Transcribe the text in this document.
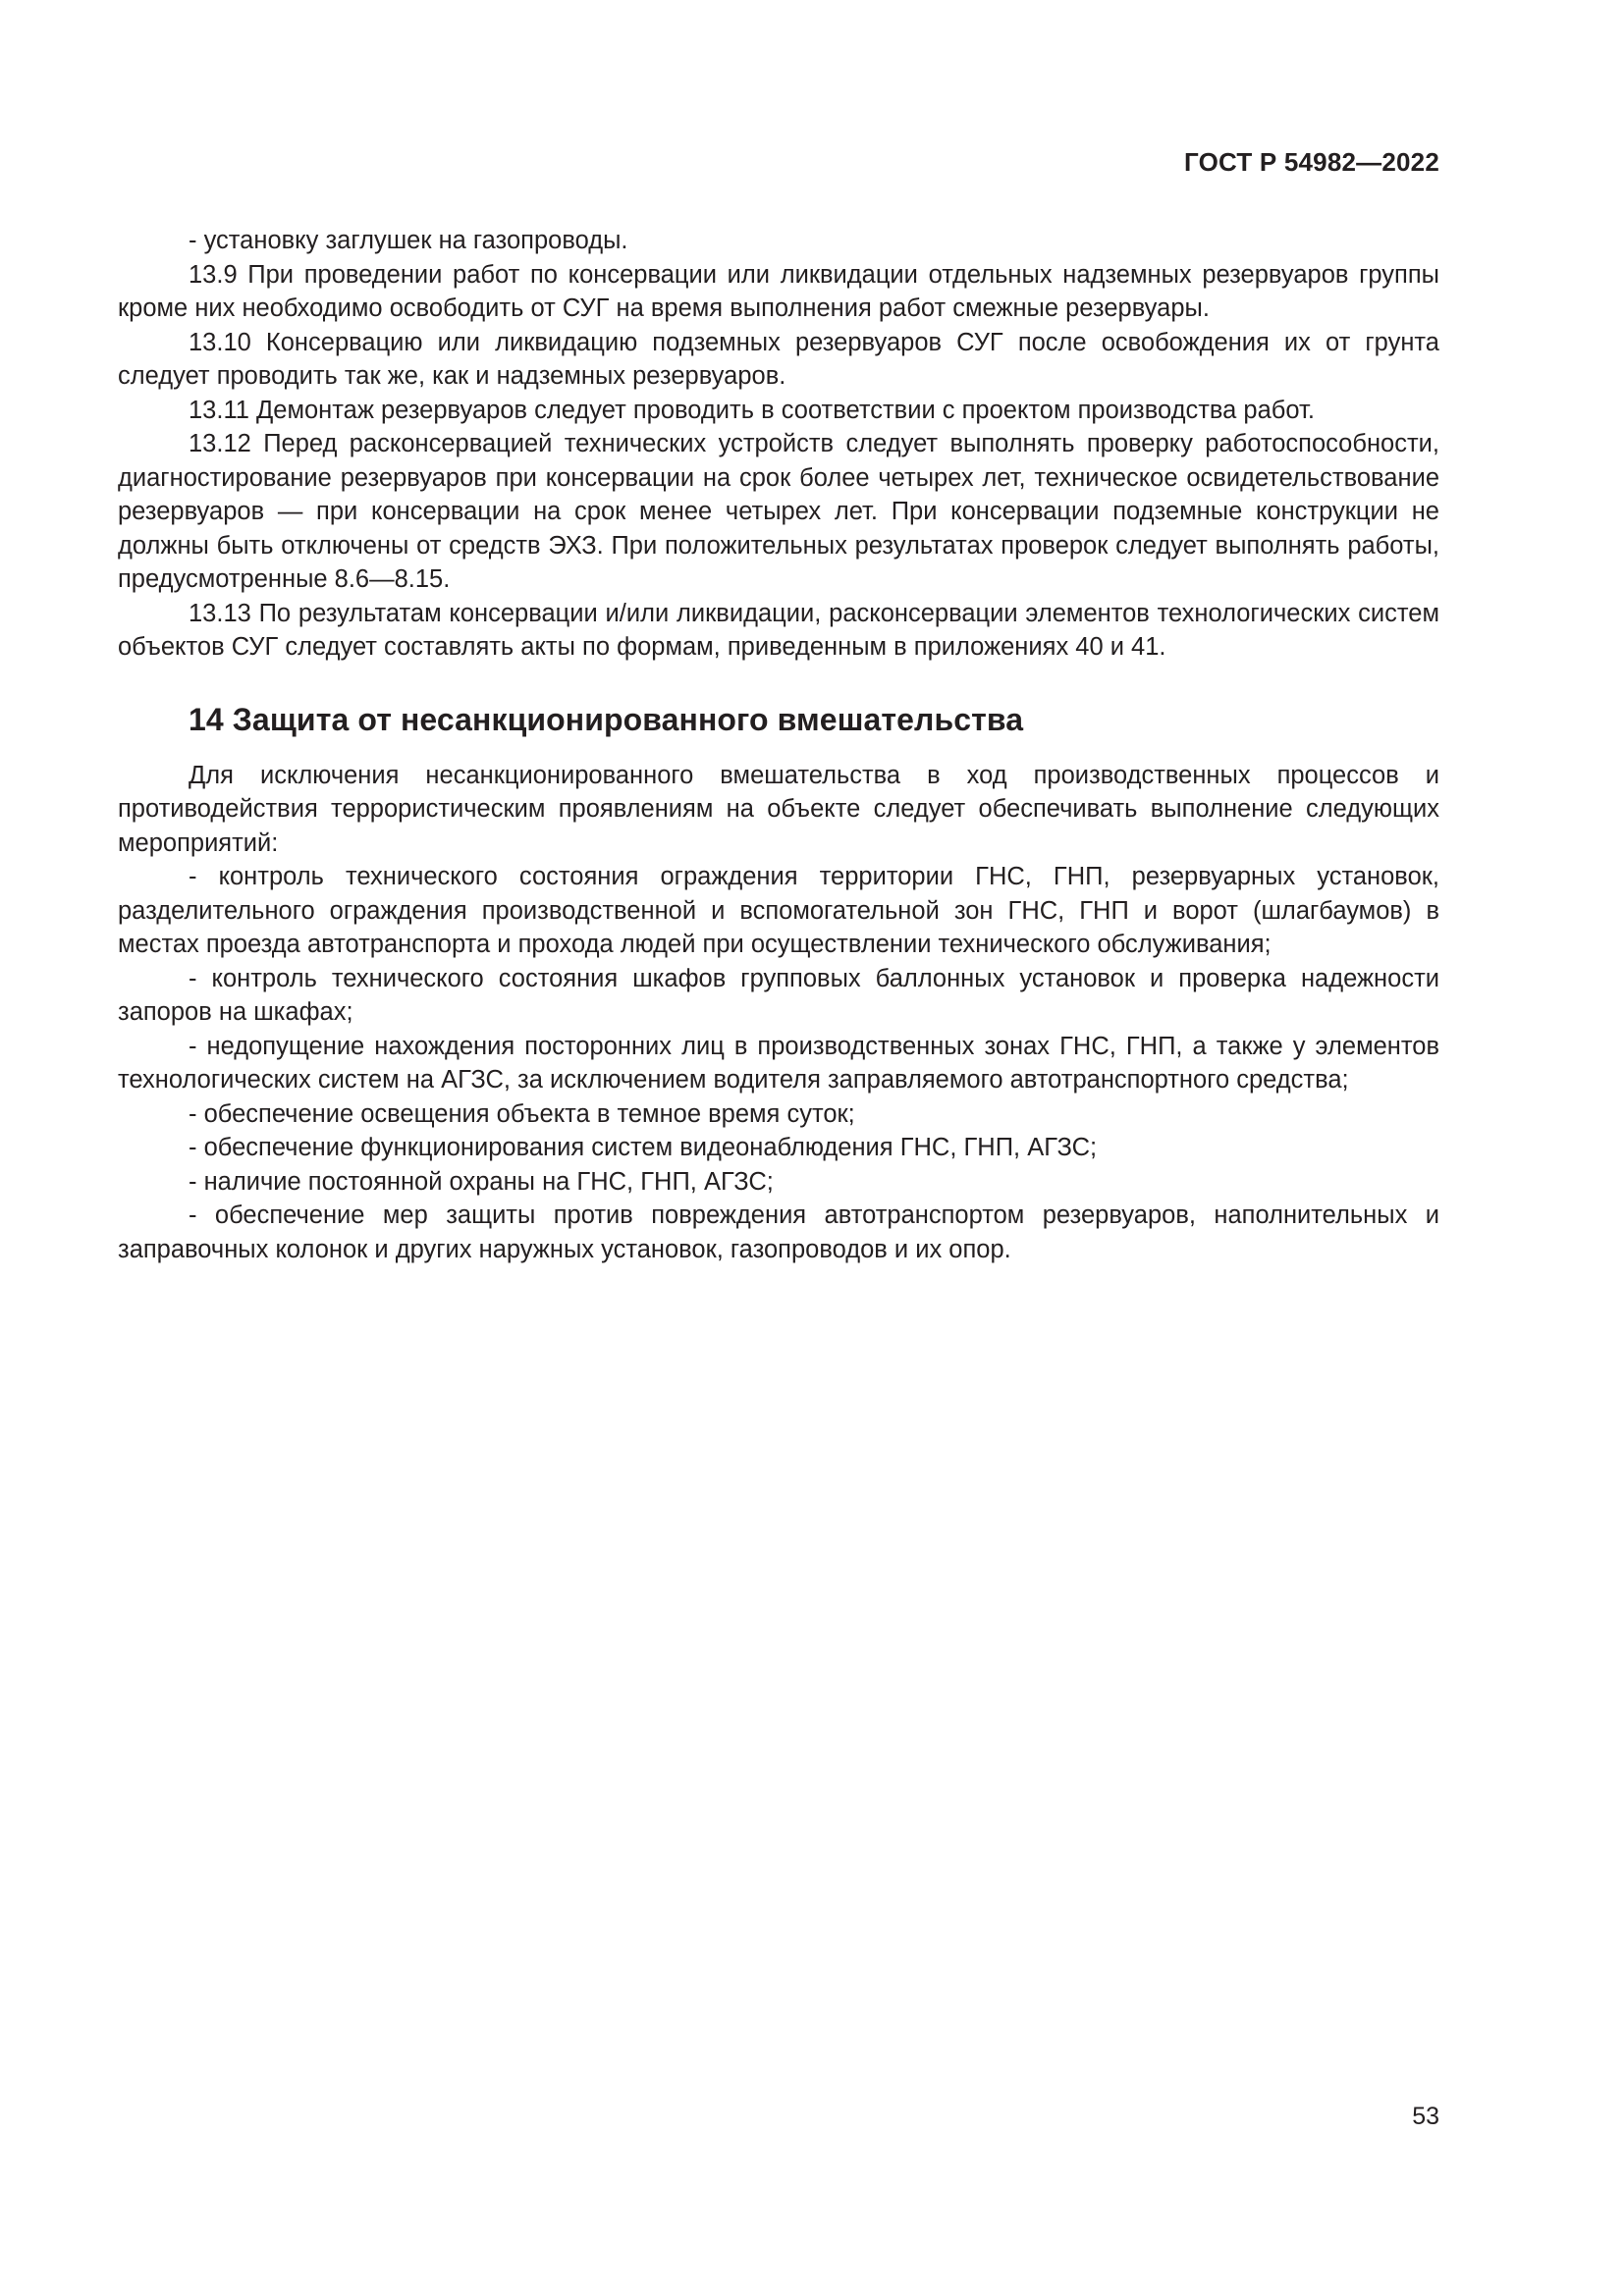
ГОСТ Р 54982—2022

- установку заглушек на газопроводы.

13.9 При проведении работ по консервации или ликвидации отдельных надземных резервуаров группы кроме них необходимо освободить от СУГ на время выполнения работ смежные резервуары.

13.10 Консервацию или ликвидацию подземных резервуаров СУГ после освобождения их от грунта следует проводить так же, как и надземных резервуаров.

13.11 Демонтаж резервуаров следует проводить в соответствии с проектом производства работ.

13.12 Перед расконсервацией технических устройств следует выполнять проверку работоспособности, диагностирование резервуаров при консервации на срок более четырех лет, техническое освидетельствование резервуаров — при консервации на срок менее четырех лет. При консервации подземные конструкции не должны быть отключены от средств ЭХЗ. При положительных результатах проверок следует выполнять работы, предусмотренные 8.6—8.15.

13.13 По результатам консервации и/или ликвидации, расконсервации элементов технологических систем объектов СУГ следует составлять акты по формам, приведенным в приложениях 40 и 41.

14 Защита от несанкционированного вмешательства

Для исключения несанкционированного вмешательства в ход производственных процессов и противодействия террористическим проявлениям на объекте следует обеспечивать выполнение следующих мероприятий:

- контроль технического состояния ограждения территории ГНС, ГНП, резервуарных установок, разделительного ограждения производственной и вспомогательной зон ГНС, ГНП и ворот (шлагбаумов) в местах проезда автотранспорта и прохода людей при осуществлении технического обслуживания;

- контроль технического состояния шкафов групповых баллонных установок и проверка надежности запоров на шкафах;

- недопущение нахождения посторонних лиц в производственных зонах ГНС, ГНП, а также у элементов технологических систем на АГЗС, за исключением водителя заправляемого автотранспортного средства;

- обеспечение освещения объекта в темное время суток;

- обеспечение функционирования систем видеонаблюдения ГНС, ГНП, АГЗС;

- наличие постоянной охраны на ГНС, ГНП, АГЗС;

- обеспечение мер защиты против повреждения автотранспортом резервуаров, наполнительных и заправочных колонок и других наружных установок, газопроводов и их опор.

53
